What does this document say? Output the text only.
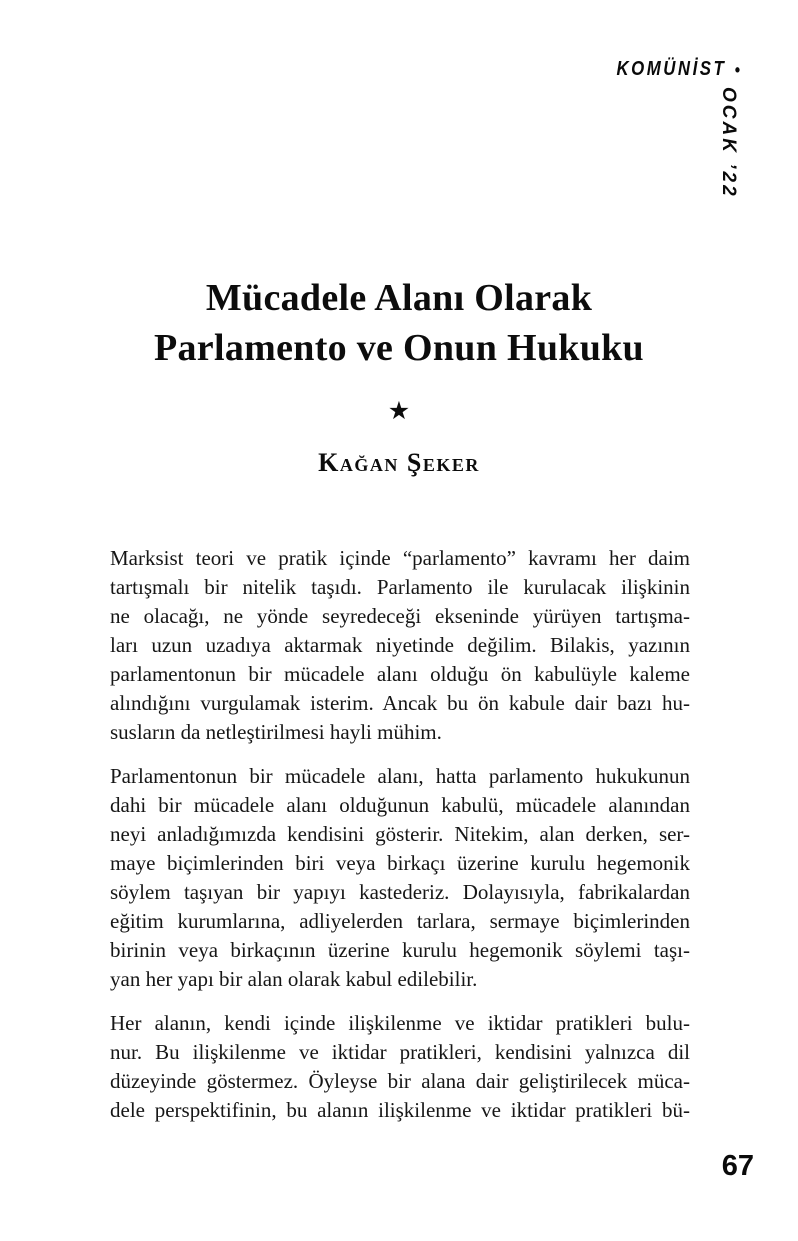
KOMÜNİST •
OCAK ’22
Mücadele Alanı Olarak
Parlamento ve Onun Hukuku
★
Kağan Şeker

Marksist teori ve pratik içinde “parlamento” kavramı her daim
tartışmalı bir nitelik taşıdı. Parlamento ile kurulacak ilişkinin
ne olacağı, ne yönde seyredeceği ekseninde yürüyen tartışma-
ları uzun uzadıya aktarmak niyetinde değilim. Bilakis, yazının
parlamentonun bir mücadele alanı olduğu ön kabulüyle kaleme
alındığını vurgulamak isterim. Ancak bu ön kabule dair bazı hu-
susların da netleştirilmesi hayli mühim.

Parlamentonun bir mücadele alanı, hatta parlamento hukukunun
dahi bir mücadele alanı olduğunun kabulü, mücadele alanından
neyi anladığımızda kendisini gösterir. Nitekim, alan derken, ser-
maye biçimlerinden biri veya birkaçı üzerine kurulu hegemonik
söylem taşıyan bir yapıyı kastederiz. Dolayısıyla, fabrikalardan
eğitim kurumlarına, adliyelerden tarlara, sermaye biçimlerinden
birinin veya birkaçının üzerine kurulu hegemonik söylemi taşı-
yan her yapı bir alan olarak kabul edilebilir.

Her alanın, kendi içinde ilişkilenme ve iktidar pratikleri bulu-
nur. Bu ilişkilenme ve iktidar pratikleri, kendisini yalnızca dil
düzeyinde göstermez. Öyleyse bir alana dair geliştirilecek müca-
dele perspektifinin, bu alanın ilişkilenme ve iktidar pratikleri bü-

67
